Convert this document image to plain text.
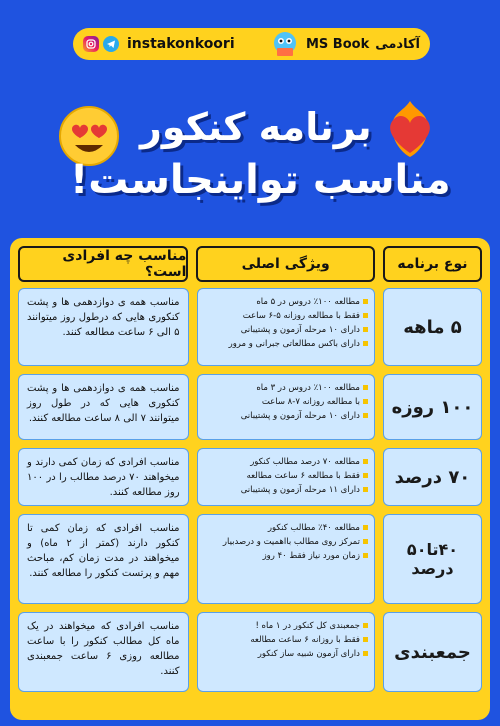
instakonkoori	MS Book آکادمی
برنامه کنکور
مناسب تواینجاست!
نوع برنامه
ویژگی اصلی
مناسب چه افرادی است؟
۵ ماهه
مطالعه ۱۰۰٪ دروس در ۵ ماه
فقط با مطالعه روزانه ۵-۶ ساعت
دارای ۱۰ مرحله آزمون و پشتیبانی
دارای باکس مطالعاتی جبرانی و مرور
مناسب همه ی دوازدهمی ها و پشت کنکوری هایی که درطول روز میتوانند ۵ الی ۶ ساعت مطالعه کنند.
۱۰۰ روزه
مطالعه ۱۰۰٪ دروس در ۳ ماه
با مطالعه روزانه ۷-۸ ساعت
دارای ۱۰ مرحله آزمون و پشتیبانی
مناسب همه ی دوازدهمی ها و پشت کنکوری هایی که در طول روز میتوانند ۷ الی ۸ ساعت مطالعه کنند.
۷۰ درصد
مطالعه ۷۰ درصد مطالب کنکور
فقط با مطالعه ۶ ساعت مطالعه
دارای ۱۱ مرحله آزمون و پشتیبانی
مناسب افرادی که زمان کمی دارند و میخواهند ۷۰ درصد مطالب را در ۱۰۰ روز مطالعه کنند.
۴۰تا۵۰ درصد
مطالعه ۴۰٪ مطالب کنکور
تمرکز روی مطالب بااهمیت و درصدبیار
زمان مورد نیاز فقط ۴۰ روز
مناسب افرادی که زمان کمی تا کنکور دارند (کمتر از ۲ ماه) و میخواهند در مدت زمان کم، مباحث مهم و پرتست کنکور را مطالعه کنند.
جمعبندی
جمعبندی کل کنکور در ۱ ماه !
فقط با روزانه ۶ ساعت مطالعه
دارای آزمون شبیه ساز کنکور
مناسب افرادی که میخواهند در یک ماه کل مطالب کنکور را با ساعت مطالعه روزی ۶ ساعت جمعبندی کنند.
